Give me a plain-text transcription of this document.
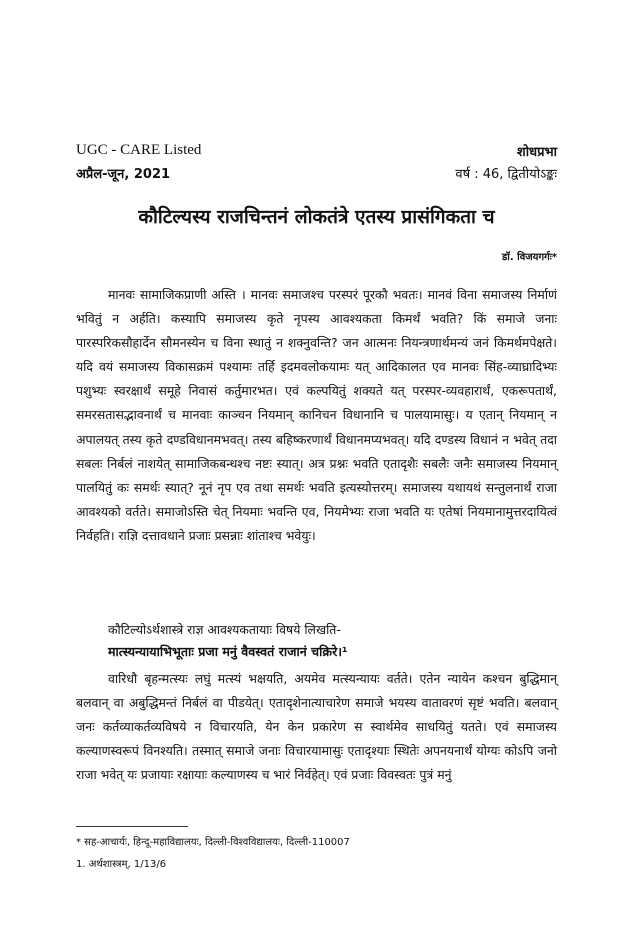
UGC - CARE Listed	शोधप्रभा
अप्रैल-जून, 2021	वर्ष : 46, द्वितीयोऽङ्कः
कौटिल्यस्य राजचिन्तनं लोकतंत्रे एतस्य प्रासंगिकता च
डॉ. विजयगर्गः*

मानवः सामाजिकप्राणी अस्ति । मानवः समाजश्च परस्परं पूरकौ भवतः। मानवं विना समाजस्य निर्माणं भवितुं न अर्हति। कस्यापि समाजस्य कृते नृपस्य आवश्यकता किमर्थं भवति? किं समाजे जनाः पारस्परिकसौहार्देन सौमनस्येन च विना स्थातुं न शक्नुवन्ति? जन आत्मनः नियन्त्रणार्थमन्यं जनं किमर्थमपेक्षते। यदि वयं समाजस्य विकासक्रमं पश्यामः तर्हि इदमवलोकयामः यत् आदिकालत एव मानवः सिंह-व्याघ्रादिभ्यः पशुभ्यः स्वरक्षार्थं समूहे निवासं कर्तुमारभत। एवं कल्पयितुं शक्यते यत् परस्पर-व्यवहारार्थं, एकरूपतार्थं, समरसतासद्भावनार्थं च मानवाः काञ्चन नियमान् कानिचन विधानानि च पालयामासुः। य एतान् नियमान् न अपालयत् तस्य कृते दण्डविधानमभवत्। तस्य बहिष्करणार्थं विधानमप्यभवत्। यदि दण्डस्य विधानं न भवेत् तदा सबलः निर्बलं नाशयेत् सामाजिकबन्धश्च नष्टः स्यात्। अत्र प्रश्नः भवति एतादृशैः सबलैः जनैः समाजस्य नियमान् पालयितुं कः समर्थः स्यात्? नूनं नृप एव तथा समर्थः भवति इत्यस्योत्तरम्। समाजस्य यथायथं सन्तुलनार्थं राजा आवश्यको वर्तते। समाजोऽस्ति चेत् नियमाः भवन्ति एव, नियमेभ्यः राजा भवति यः एतेषां नियमानामुत्तरदायित्वं निर्वहति। राज्ञि दत्तावधाने प्रजाः प्रसन्नाः शांताश्च भवेयुः।

कौटिल्योऽर्थशास्त्रे राज्ञ आवश्यकतायाः विषये लिखति-

मात्स्यन्यायाभिभूताः प्रजा मनुं वैवस्वतं राजानं चक्रिरे।¹

वारिधौ बृहन्मत्स्यः लघुं मत्स्यं भक्षयति, अयमेव मत्स्यन्यायः वर्तते। एतेन न्यायेन कश्चन बुद्धिमान् बलवान् वा अबुद्धिमन्तं निर्बलं वा पीडयेत्। एतादृशेनात्याचारेण समाजे भयस्य वातावरणं सृष्टं भवति। बलवान् जनः कर्तव्याकर्तव्यविषये न विचारयति, येन केन प्रकारेण स स्वार्थमेव साधयितुं यतते। एवं समाजस्य कल्याणस्वरूपं विनश्यति। तस्मात् समाजे जनाः विचारयामासुः एतादृश्याः स्थितेः अपनयनार्थं योग्यः कोऽपि जनो राजा भवेत् यः प्रजायाः रक्षायाः कल्याणस्य च भारं निर्वहेत्। एवं प्रजाः विवस्वतः पुत्रं मनुं

* सह-आचार्यः, हिन्दू-महाविद्यालयः, दिल्ली-विश्वविद्यालयः, दिल्ली-110007
1. अर्थशास्त्रम्, 1/13/6
